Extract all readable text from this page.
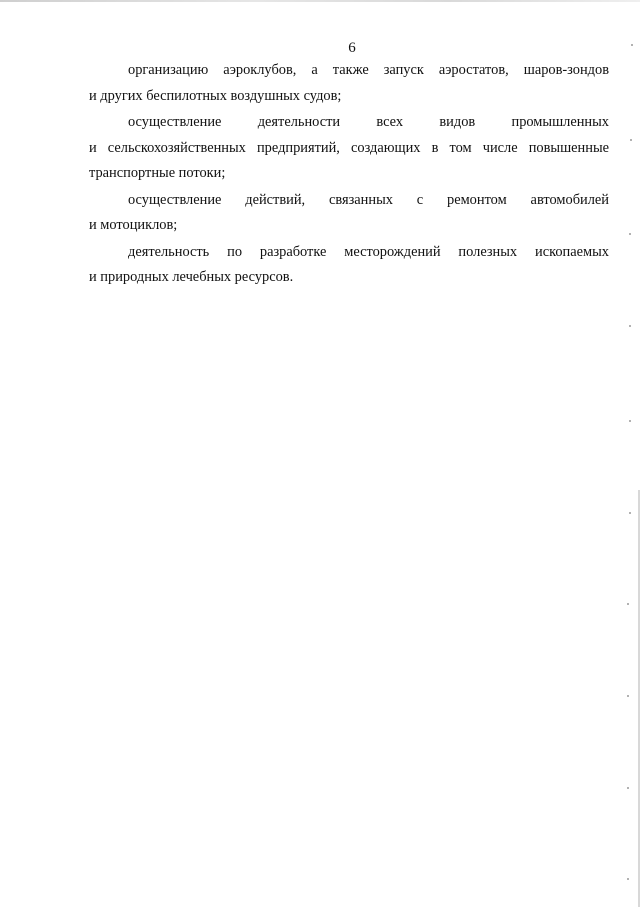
6
организацию аэроклубов, а также запуск аэростатов, шаров-зондов
и других беспилотных воздушных судов;
осуществление деятельности всех видов промышленных
и сельскохозяйственных предприятий, создающих в том числе повышенные
транспортные потоки;
осуществление действий, связанных с ремонтом автомобилей
и мотоциклов;
деятельность по разработке месторождений полезных ископаемых
и природных лечебных ресурсов.
